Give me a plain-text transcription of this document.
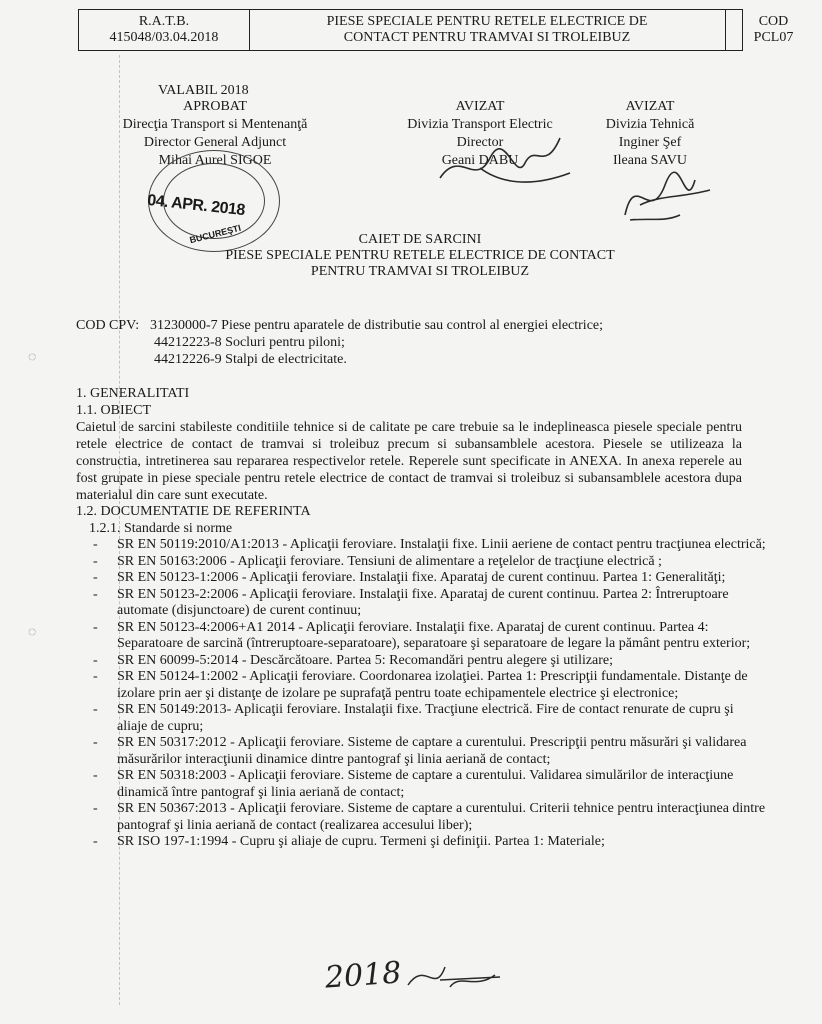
R.A.T.B.
415048/03.04.2018
PIESE SPECIALE PENTRU RETELE ELECTRICE DE
CONTACT PENTRU TRAMVAI SI TROLEIBUZ
COD
PCL07
VALABIL 2018
APROBAT
Direcţia Transport si Mentenanţă
Director General Adjunct
Mihai Aurel SIGOE
AVIZAT
Divizia Transport Electric
Director
Geani DABU
AVIZAT
Divizia Tehnică
Inginer Şef
Ileana SAVU
04. APR. 2018
BUCUREŞTI	CAIET DE SARCINI
PIESE SPECIALE PENTRU RETELE ELECTRICE DE CONTACT
PENTRU TRAMVAI SI TROLEIBUZ
COD CPV: 31230000-7 Piese pentru aparatele de distributie sau control al energiei electrice;
44212223-8 Socluri pentru piloni;
44212226-9 Stalpi de electricitate.
1. GENERALITATI
1.1. OBIECT
Caietul de sarcini stabileste conditiile tehnice si de calitate pe care trebuie sa le indeplineasca piesele speciale pentru retele electrice de contact de tramvai si troleibuz precum si subansamblele acestora. Piesele se utilizeaza la constructia, intretinerea sau repararea respectivelor retele. Reperele sunt specificate in ANEXA. In anexa reperele au fost grupate in piese speciale pentru retele electrice de contact de tramvai si troleibuz si subansamblele acestora dupa materialul din care sunt executate.
1.2. DOCUMENTATIE DE REFERINTA
1.2.1. Standarde si norme
- SR EN 50119:2010/A1:2013 - Aplicaţii feroviare. Instalaţii fixe. Linii aeriene de contact pentru tracţiunea electrică;
- SR EN 50163:2006 - Aplicaţii feroviare. Tensiuni de alimentare a reţelelor de tracţiune electrică ;
- SR EN 50123-1:2006 - Aplicaţii feroviare. Instalaţii fixe. Aparataj de curent continuu. Partea 1: Generalităţi;
- SR EN 50123-2:2006 - Aplicaţii feroviare. Instalaţii fixe. Aparataj de curent continuu. Partea 2: Întreruptoare automate (disjunctoare) de curent continuu;
- SR EN 50123-4:2006+A1 2014 - Aplicaţii feroviare. Instalaţii fixe. Aparataj de curent continuu. Partea 4: Separatoare de sarcină (întreruptoare-separatoare), separatoare şi separatoare de legare la pământ pentru exterior;
- SR EN 60099-5:2014 - Descărcătoare. Partea 5: Recomandări pentru alegere şi utilizare;
- SR EN 50124-1:2002 - Aplicaţii feroviare. Coordonarea izolaţiei. Partea 1: Prescripţii fundamentale. Distanţe de izolare prin aer şi distanţe de izolare pe suprafaţă pentru toate echipamentele electrice şi electronice;
- SR EN 50149:2013- Aplicaţii feroviare. Instalaţii fixe. Tracţiune electrică. Fire de contact renurate de cupru şi aliaje de cupru;
- SR EN 50317:2012 - Aplicaţii feroviare. Sisteme de captare a curentului. Prescripţii pentru măsurări şi validarea măsurărilor interacţiunii dinamice dintre pantograf şi linia aeriană de contact;
- SR EN 50318:2003 - Aplicaţii feroviare. Sisteme de captare a curentului. Validarea simulărilor de interacţiune dinamică între pantograf şi linia aeriană de contact;
- SR EN 50367:2013 - Aplicaţii feroviare. Sisteme de captare a curentului. Criterii tehnice pentru interacţiunea dintre pantograf şi linia aeriană de contact (realizarea accesului liber);
- SR ISO 197-1:1994 - Cupru şi aliaje de cupru. Termeni şi definiţii. Partea 1: Materiale;
2018
◌
◌
